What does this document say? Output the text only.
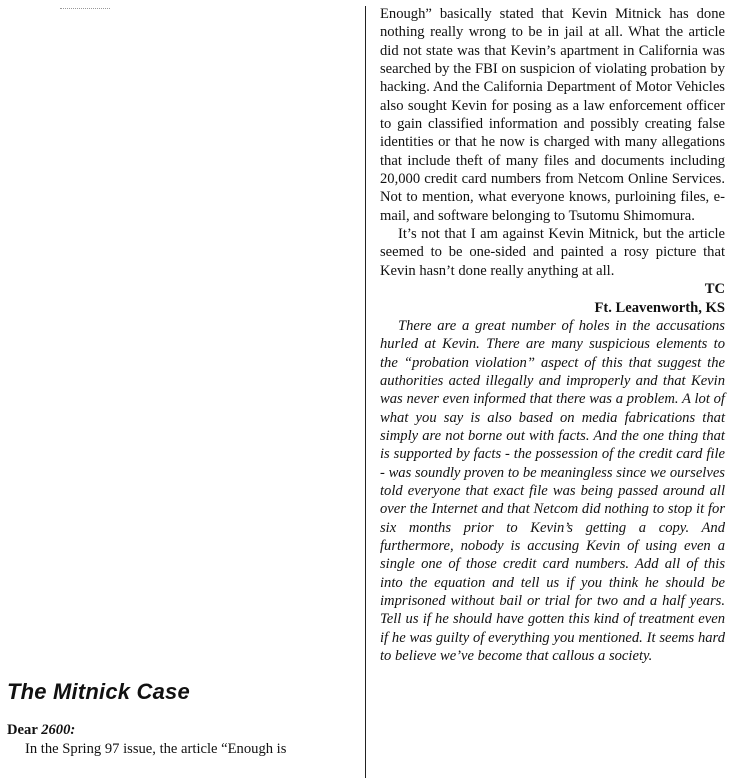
The Mitnick Case

Dear 2600:

In the Spring 97 issue, the article “Enough is

Enough” basically stated that Kevin Mitnick has done nothing really wrong to be in jail at all. What the article did not state was that Kevin’s apartment in California was searched by the FBI on suspicion of violating probation by hacking. And the California Department of Motor Vehicles also sought Kevin for posing as a law enforcement officer to gain classified information and possibly creating false identities or that he now is charged with many allegations that include theft of many files and documents including 20,000 credit card numbers from Netcom Online Services. Not to mention, what everyone knows, purloining files, e-mail, and software belonging to Tsutomu Shimomura.

It’s not that I am against Kevin Mitnick, but the article seemed to be one-sided and painted a rosy picture that Kevin hasn’t done really anything at all.

TC

Ft. Leavenworth, KS

There are a great number of holes in the accusations hurled at Kevin. There are many suspicious elements to the “probation violation” aspect of this that suggest the authorities acted illegally and improperly and that Kevin was never even informed that there was a problem. A lot of what you say is also based on media fabrications that simply are not borne out with facts. And the one thing that is supported by facts - the possession of the credit card file - was soundly proven to be meaningless since we ourselves told everyone that exact file was being passed around all over the Internet and that Netcom did nothing to stop it for six months prior to Kevin’s getting a copy. And furthermore, nobody is accusing Kevin of using even a single one of those credit card numbers. Add all of this into the equation and tell us if you think he should be imprisoned without bail or trial for two and a half years. Tell us if he should have gotten this kind of treatment even if he was guilty of everything you mentioned. It seems hard to believe we’ve become that callous a society.
